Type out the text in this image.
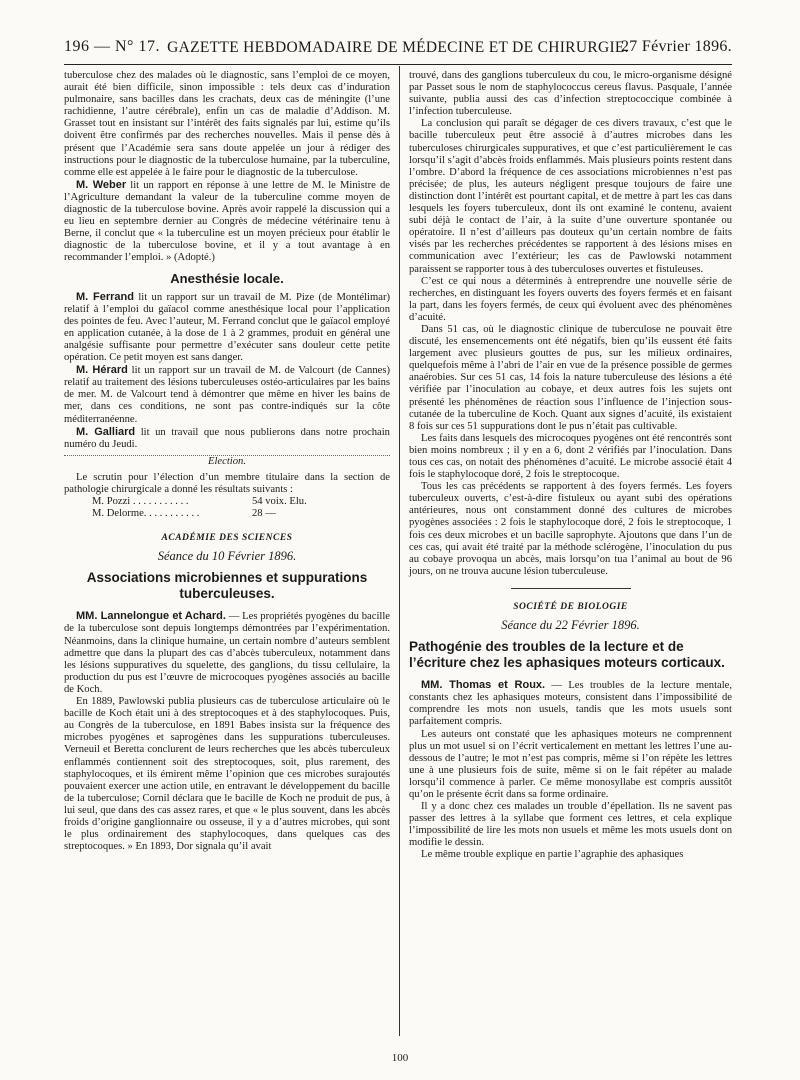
196 — N° 17. GAZETTE HEBDOMADAIRE DE MÉDECINE ET DE CHIRURGIE.
27 Février 1896.

tuberculose chez des malades où le diagnostic, sans l’emploi de ce moyen, aurait été bien difficile, sinon impossible : tels deux cas d’induration pulmonaire, sans bacilles dans les crachats, deux cas de méningite (l’une rachidienne, l’autre cérébrale), enfin un cas de maladie d’Addison. M. Grasset tout en insistant sur l’intérêt des faits signalés par lui, estime qu’ils doivent être confirmés par des recherches nouvelles. Mais il pense dès à présent que l’Académie sera sans doute appelée un jour à rédiger des instructions pour le diagnostic de la tuberculose humaine, par la tuberculine, comme elle est appelée à le faire pour le diagnostic de la tuberculose.

M. Weber lit un rapport en réponse à une lettre de M. le Ministre de l’Agriculture demandant la valeur de la tuberculine comme moyen de diagnostic de la tuberculose bovine. Après avoir rappelé la discussion qui a eu lieu en septembre dernier au Congrès de médecine vétérinaire tenu à Berne, il conclut que « la tuberculine est un moyen précieux pour établir le diagnostic de la tuberculose bovine, et il y a tout avantage à en recommander l’emploi. » (Adopté.)

Anesthésie locale.

M. Ferrand lit un rapport sur un travail de M. Pize (de Montélimar) relatif à l’emploi du gaïacol comme anesthésique local pour l’application des pointes de feu. Avec l’auteur, M. Ferrand conclut que le gaïacol employé en application cutanée, à la dose de 1 à 2 grammes, produit en général une analgésie suffisante pour permettre d’exécuter sans douleur cette petite opération. Ce petit moyen est sans danger.

M. Hérard lit un rapport sur un travail de M. de Valcourt (de Cannes) relatif au traitement des lésions tuberculeuses ostéo-articulaires par les bains de mer. M. de Valcourt tend à démontrer que même en hiver les bains de mer, dans ces conditions, ne sont pas contre-indiqués sur la côte méditerranéenne.

M. Galliard lit un travail que nous publierons dans notre prochain numéro du Jeudi.

Election.

Le scrutin pour l’élection d’un membre titulaire dans la section de pathologie chirurgicale a donné les résultats suivants :

M. Pozzi . . . . . . . . . . .	54 voix. Elu.
M. Delorme. . . . . . . . . . .	28 —
ACADÉMIE DES SCIENCES
Séance du 10 Février 1896.
Associations microbiennes et suppurations tuberculeuses.

MM. Lannelongue et Achard. — Les propriétés pyogènes du bacille de la tuberculose sont depuis longtemps démontrées par l’expérimentation. Néanmoins, dans la clinique humaine, un certain nombre d’auteurs semblent admettre que dans la plupart des cas d’abcès tuberculeux, notamment dans les lésions suppuratives du squelette, des ganglions, du tissu cellulaire, la production du pus est l’œuvre de microcoques pyogènes associés au bacille de Koch.

En 1889, Pawlowski publia plusieurs cas de tuberculose articulaire où le bacille de Koch était uni à des streptocoques et à des staphylocoques. Puis, au Congrès de la tuberculose, en 1891 Babes insista sur la fréquence des microbes pyogènes et saprogènes dans les suppurations tuberculeuses. Verneuil et Beretta conclurent de leurs recherches que les abcès tuberculeux enflammés contiennent soit des streptocoques, soit, plus rarement, des staphylocoques, et ils émirent même l’opinion que ces microbes surajoutés pouvaient exercer une action utile, en entravant le développement du bacille de la tuberculose; Cornil déclara que le bacille de Koch ne produit de pus, à lui seul, que dans des cas assez rares, et que « le plus souvent, dans les abcès froids d’origine ganglionnaire ou osseuse, il y a d’autres microbes, qui sont le plus ordinairement des staphylocoques, dans quelques cas des streptocoques. » En 1893, Dor signala qu’il avait

trouvé, dans des ganglions tuberculeux du cou, le micro-organisme désigné par Passet sous le nom de staphylococcus cereus flavus. Pasquale, l’année suivante, publia aussi des cas d’infection streptococcique combinée à l’infection tuberculeuse.

La conclusion qui paraît se dégager de ces divers travaux, c’est que le bacille tuberculeux peut être associé à d’autres microbes dans les tuberculoses chirurgicales suppuratives, et que c’est particulièrement le cas lorsqu’il s’agit d’abcès froids enflammés. Mais plusieurs points restent dans l’ombre. D’abord la fréquence de ces associations microbiennes n’est pas précisée; de plus, les auteurs négligent presque toujours de faire une distinction dont l’intérêt est pourtant capital, et de mettre à part les cas dans lesquels les foyers tuberculeux, dont ils ont examiné le contenu, avaient subi déjà le contact de l’air, à la suite d’une ouverture spontanée ou opératoire. Il n’est d’ailleurs pas douteux qu’un certain nombre de faits visés par les recherches précédentes se rapportent à des lésions mises en communication avec l’extérieur; les cas de Pawlowski notamment paraissent se rapporter tous à des tuberculoses ouvertes et fistuleuses.

C’est ce qui nous a déterminés à entreprendre une nouvelle série de recherches, en distinguant les foyers ouverts des foyers fermés et en faisant la part, dans les foyers fermés, de ceux qui évoluent avec des phénomènes d’acuité.

Dans 51 cas, où le diagnostic clinique de tuberculose ne pouvait être discuté, les ensemencements ont été négatifs, bien qu’ils eussent été faits largement avec plusieurs gouttes de pus, sur les milieux ordinaires, quelquefois même à l’abri de l’air en vue de la présence possible de germes anaérobies. Sur ces 51 cas, 14 fois la nature tuberculeuse des lésions a été vérifiée par l’inoculation au cobaye, et deux autres fois les sujets ont présenté les phénomènes de réaction sous l’influence de l’injection sous-cutanée de la tuberculine de Koch. Quant aux signes d’acuité, ils existaient 8 fois sur ces 51 suppurations dont le pus n’était pas cultivable.

Les faits dans lesquels des microcoques pyogènes ont été rencontrés sont bien moins nombreux ; il y en a 6, dont 2 vérifiés par l’inoculation. Dans tous ces cas, on notait des phénomènes d’acuité. Le microbe associé était 4 fois le staphylocoque doré, 2 fois le streptocoque.

Tous les cas précédents se rapportent à des foyers fermés. Les foyers tuberculeux ouverts, c’est-à-dire fistuleux ou ayant subi des opérations antérieures, nous ont constamment donné des cultures de microbes pyogènes associées : 2 fois le staphylocoque doré, 2 fois le streptocoque, 1 fois ces deux microbes et un bacille saprophyte. Ajoutons que dans l’un de ces cas, qui avait été traité par la méthode sclérogène, l’inoculation du pus au cobaye provoqua un abcès, mais lorsqu’on tua l’animal au bout de 96 jours, on ne trouva aucune lésion tuberculeuse.

SOCIÉTÉ DE BIOLOGIE
Séance du 22 Février 1896.
Pathogénie des troubles de la lecture et de l’écriture chez les aphasiques moteurs corticaux.

MM. Thomas et Roux. — Les troubles de la lecture mentale, constants chez les aphasiques moteurs, consistent dans l’impossibilité de comprendre les mots non usuels, tandis que les mots usuels sont parfaitement compris.

Les auteurs ont constaté que les aphasiques moteurs ne comprennent plus un mot usuel si on l’écrit verticalement en mettant les lettres l’une au-dessous de l’autre; le mot n’est pas compris, même si l’on répète les lettres une à une plusieurs fois de suite, même si on le fait répéter au malade lorsqu’il commence à parler. Ce même monosyllabe est compris aussitôt qu’on le présente écrit dans sa forme ordinaire.

Il y a donc chez ces malades un trouble d’épellation. Ils ne savent pas passer des lettres à la syllabe que forment ces lettres, et cela explique l’impossibilité de lire les mots non usuels et même les mots usuels dont on modifie le dessin.

Le même trouble explique en partie l’agraphie des aphasiques

100
